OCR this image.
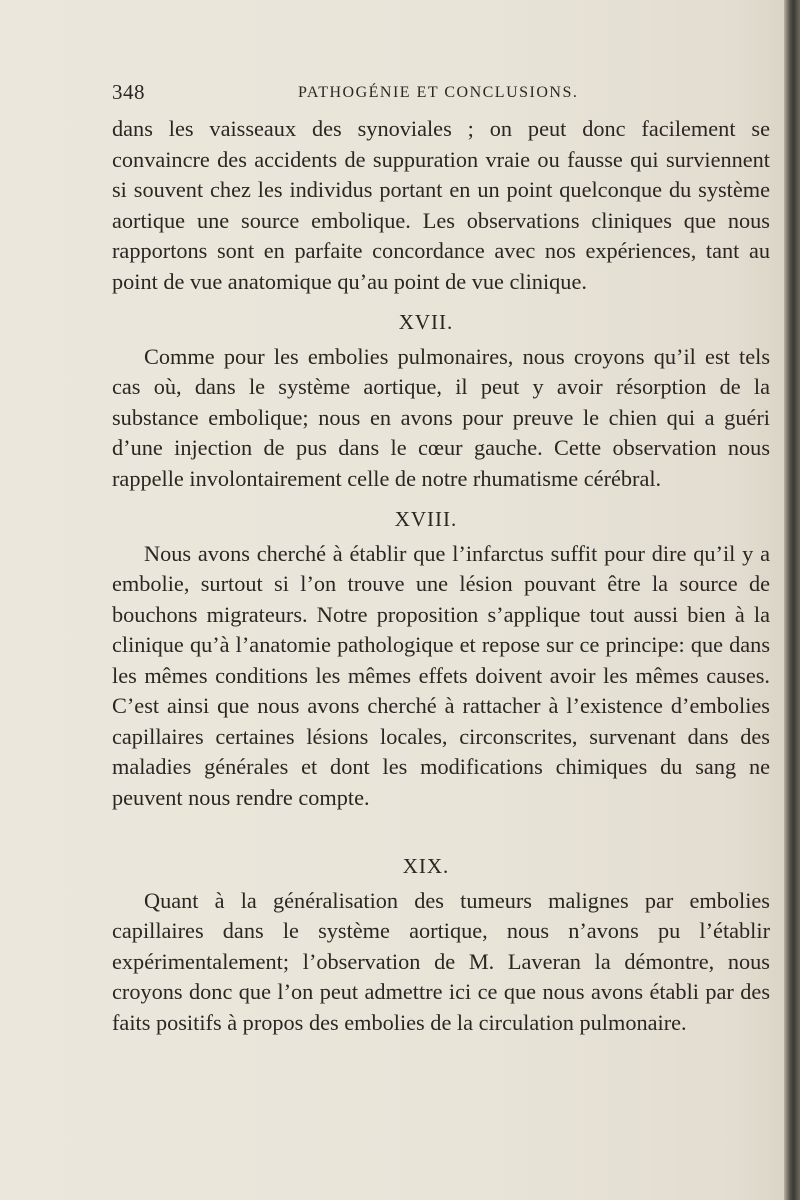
348	PATHOGÉNIE ET CONCLUSIONS.

dans les vaisseaux des synoviales ; on peut donc facilement se convaincre des accidents de suppuration vraie ou fausse qui surviennent si souvent chez les individus portant en un point quelconque du système aortique une source embolique. Les observations cliniques que nous rapportons sont en parfaite concordance avec nos expériences, tant au point de vue anatomique qu’au point de vue clinique.

XVII.

Comme pour les embolies pulmonaires, nous croyons qu’il est tels cas où, dans le système aortique, il peut y avoir résorption de la substance embolique; nous en avons pour preuve le chien qui a guéri d’une injection de pus dans le cœur gauche. Cette observation nous rappelle involontairement celle de notre rhumatisme cérébral.

XVIII.

Nous avons cherché à établir que l’infarctus suffit pour dire qu’il y a embolie, surtout si l’on trouve une lésion pouvant être la source de bouchons migrateurs. Notre proposition s’applique tout aussi bien à la clinique qu’à l’anatomie pathologique et repose sur ce principe: que dans les mêmes conditions les mêmes effets doivent avoir les mêmes causes. C’est ainsi que nous avons cherché à rattacher à l’existence d’embolies capillaires certaines lésions locales, circonscrites, survenant dans des maladies générales et dont les modifications chimiques du sang ne peuvent nous rendre compte.

XIX.

Quant à la généralisation des tumeurs malignes par embolies capillaires dans le système aortique, nous n’avons pu l’établir expérimentalement; l’observation de M. Laveran la démontre, nous croyons donc que l’on peut admettre ici ce que nous avons établi par des faits positifs à propos des embolies de la circulation pulmonaire.
